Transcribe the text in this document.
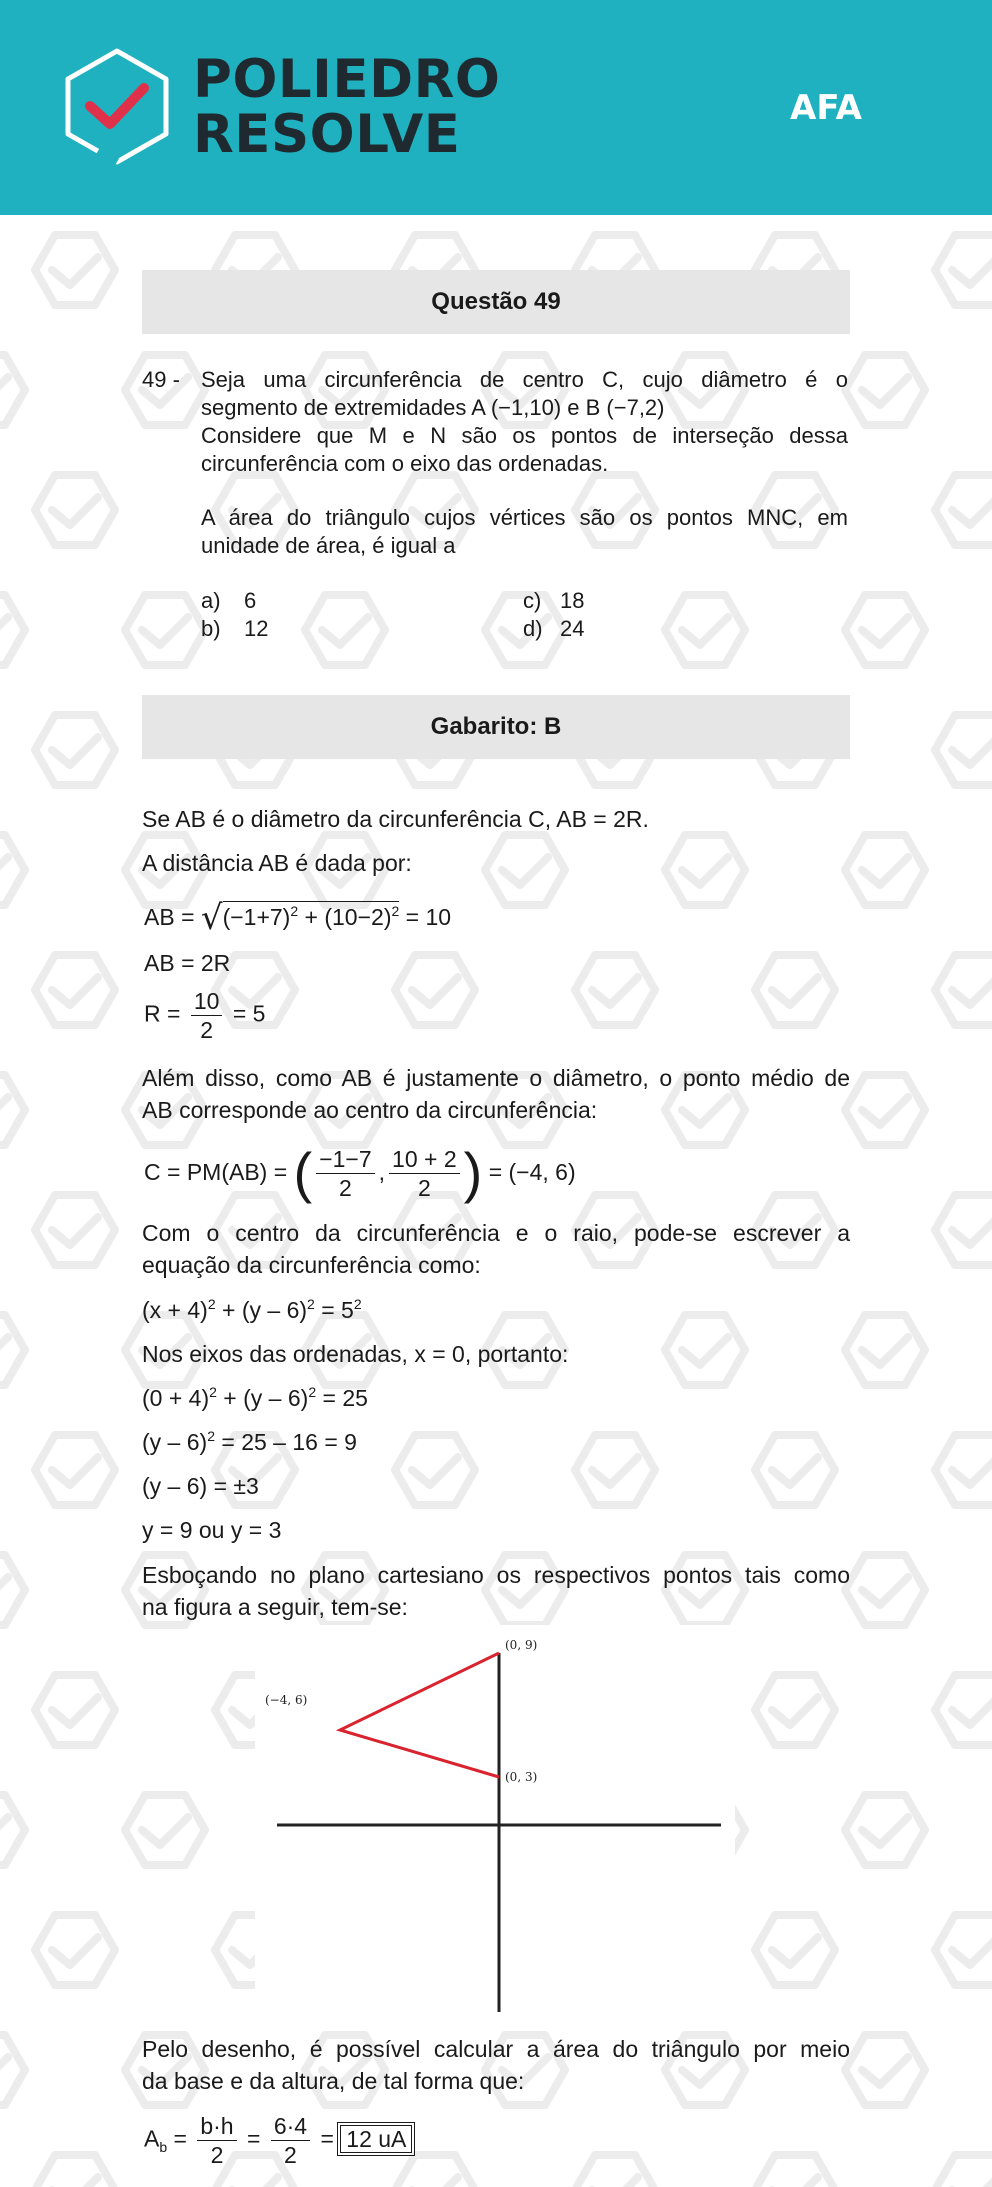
POLIEDRO
RESOLVE	AFA
Questão 49
49 - Seja uma circunferência de centro C, cujo diâmetro é o
segmento de extremidades A (−1,10) e B (−7,2)
Considere que M e N são os pontos de interseção dessa
circunferência com o eixo das ordenadas.
A área do triângulo cujos vértices são os pontos MNC, em
unidade de área, é igual a
a) 6
b) 12
c) 18
d) 24
Gabarito: B
Se AB é o diâmetro da circunferência C, AB = 2R.
A distância AB é dada por:
AB = $√(-1+7)^2 + (10-2)^2 = 10$
AB = 2R
$R = \frac{10}{2} = 5$
Além disso, como AB é justamente o diâmetro, o ponto médio de
AB corresponde ao centro da circunferência:
C = PM(AB) = ( $\frac{-1-7}{2}$ , $\frac{10 + 2}{2}$ ) = (−4, 6)
Com o centro da circunferência e o raio, pode-se escrever a
equação da circunferência como:
$(x + 4)^2 + (y - 6)^2 = 5^2$
Nos eixos das ordenadas, x = 0, portanto:
$(0 + 4)^2 + (y - 6)^2 = 25$
(y – 6)$^2$ = 25 – 16 = 9
(y – 6) = ±3
y = 9 ou y = 3
Esboçando no plano cartesiano os respectivos pontos tais como
na figura a seguir, tem-se:
(0, 9)
(0, 3)
(−4, 6)
Pelo desenho, é possível calcular a área do triângulo por meio
da base e da altura, de tal forma que:
$A_b = \frac{b\cdot h}{2} = \frac{6\cdot 4}{2} = 12$ uA
